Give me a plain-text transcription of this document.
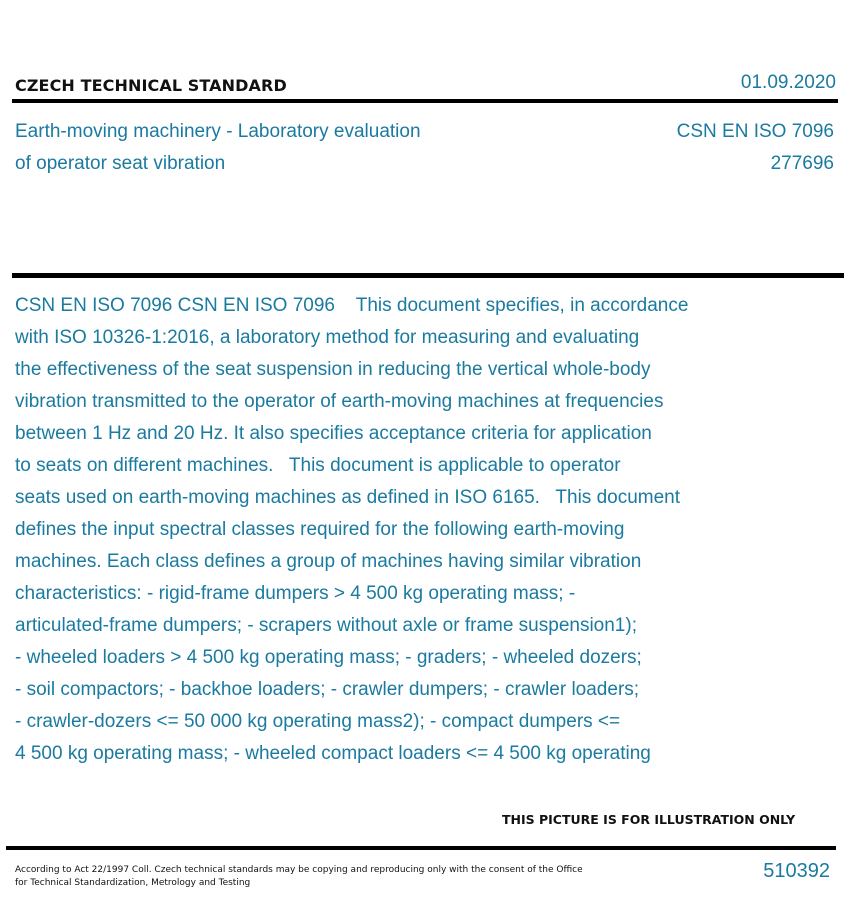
CZECH TECHNICAL STANDARD	01.09.2020
Earth-moving machinery - Laboratory evaluation
of operator seat vibration
CSN EN ISO 7096
277696
CSN EN ISO 7096 CSN EN ISO 7096    This document specifies, in accordance
with ISO 10326-1:2016, a laboratory method for measuring and evaluating
the effectiveness of the seat suspension in reducing the vertical whole-body
vibration transmitted to the operator of earth-moving machines at frequencies
between 1 Hz and 20 Hz. It also specifies acceptance criteria for application
to seats on different machines.   This document is applicable to operator
seats used on earth-moving machines as defined in ISO 6165.   This document
defines the input spectral classes required for the following earth-moving
machines. Each class defines a group of machines having similar vibration
characteristics: - rigid-frame dumpers > 4 500 kg operating mass; -
articulated-frame dumpers; - scrapers without axle or frame suspension1);
- wheeled loaders > 4 500 kg operating mass; - graders; - wheeled dozers;
- soil compactors; - backhoe loaders; - crawler dumpers; - crawler loaders;
- crawler-dozers <= 50 000 kg operating mass2); - compact dumpers <=
4 500 kg operating mass; - wheeled compact loaders <= 4 500 kg operating
THIS PICTURE IS FOR ILLUSTRATION ONLY
According to Act 22/1997 Coll. Czech technical standards may be copying and reproducing only with the consent of the Office
for Technical Standardization, Metrology and Testing
510392
